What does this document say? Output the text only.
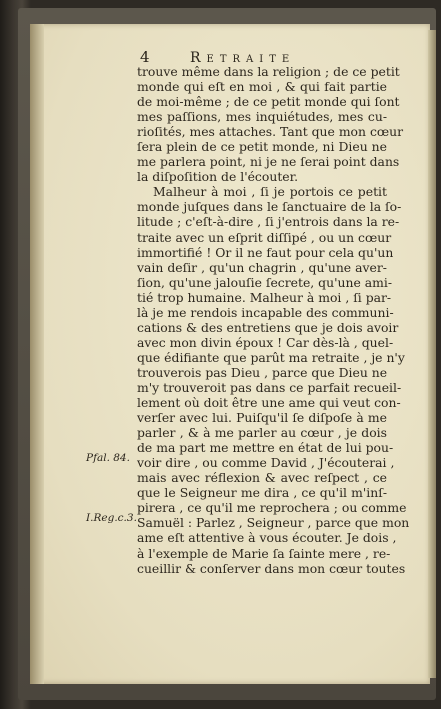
4	Retraite
Pfal. 84.
I.Reg.c.3.
trouve même dans la religion ; de ce petit
monde qui eſt en moi , & qui fait partie
de moi-même ; de ce petit monde qui ſont
mes paſſions, mes inquiétudes, mes cu-
rioſités, mes attaches. Tant que mon cœur
ſera plein de ce petit monde, ni Dieu ne
me parlera point, ni je ne ſerai point dans
la diſpoſition de l'écouter.
Malheur à moi , ſi je portois ce petit
monde juſques dans le ſanctuaire de la ſo-
litude ; c'eſt-à-dire , ſi j'entrois dans la re-
traite avec un eſprit diſſipé , ou un cœur
immortifié ! Or il ne faut pour cela qu'un
vain deſir , qu'un chagrin , qu'une aver-
ſion, qu'une jalouſie ſecrete, qu'une ami-
tié trop humaine. Malheur à moi , ſi par-
là je me rendois incapable des communi-
cations & des entretiens que je dois avoir
avec mon divin époux ! Car dès-là , quel-
que édifiante que parût ma retraite , je n'y
trouverois pas Dieu , parce que Dieu ne
m'y trouveroit pas dans ce parfait recueil-
lement où doit être une ame qui veut con-
verſer avec lui. Puiſqu'il ſe diſpoſe à me
parler , & à me parler au cœur , je dois
de ma part me mettre en état de lui pou-
voir dire , ou comme David , J'écouterai ,
mais avec réflexion & avec reſpect , ce
que le Seigneur me dira , ce qu'il m'inſ-
pirera , ce qu'il me reprochera ; ou comme
Samuël : Parlez , Seigneur , parce que mon
ame eſt attentive à vous écouter. Je dois ,
à l'exemple de Marie ſa ſainte mere , re-
cueillir & conſerver dans mon cœur toutes
